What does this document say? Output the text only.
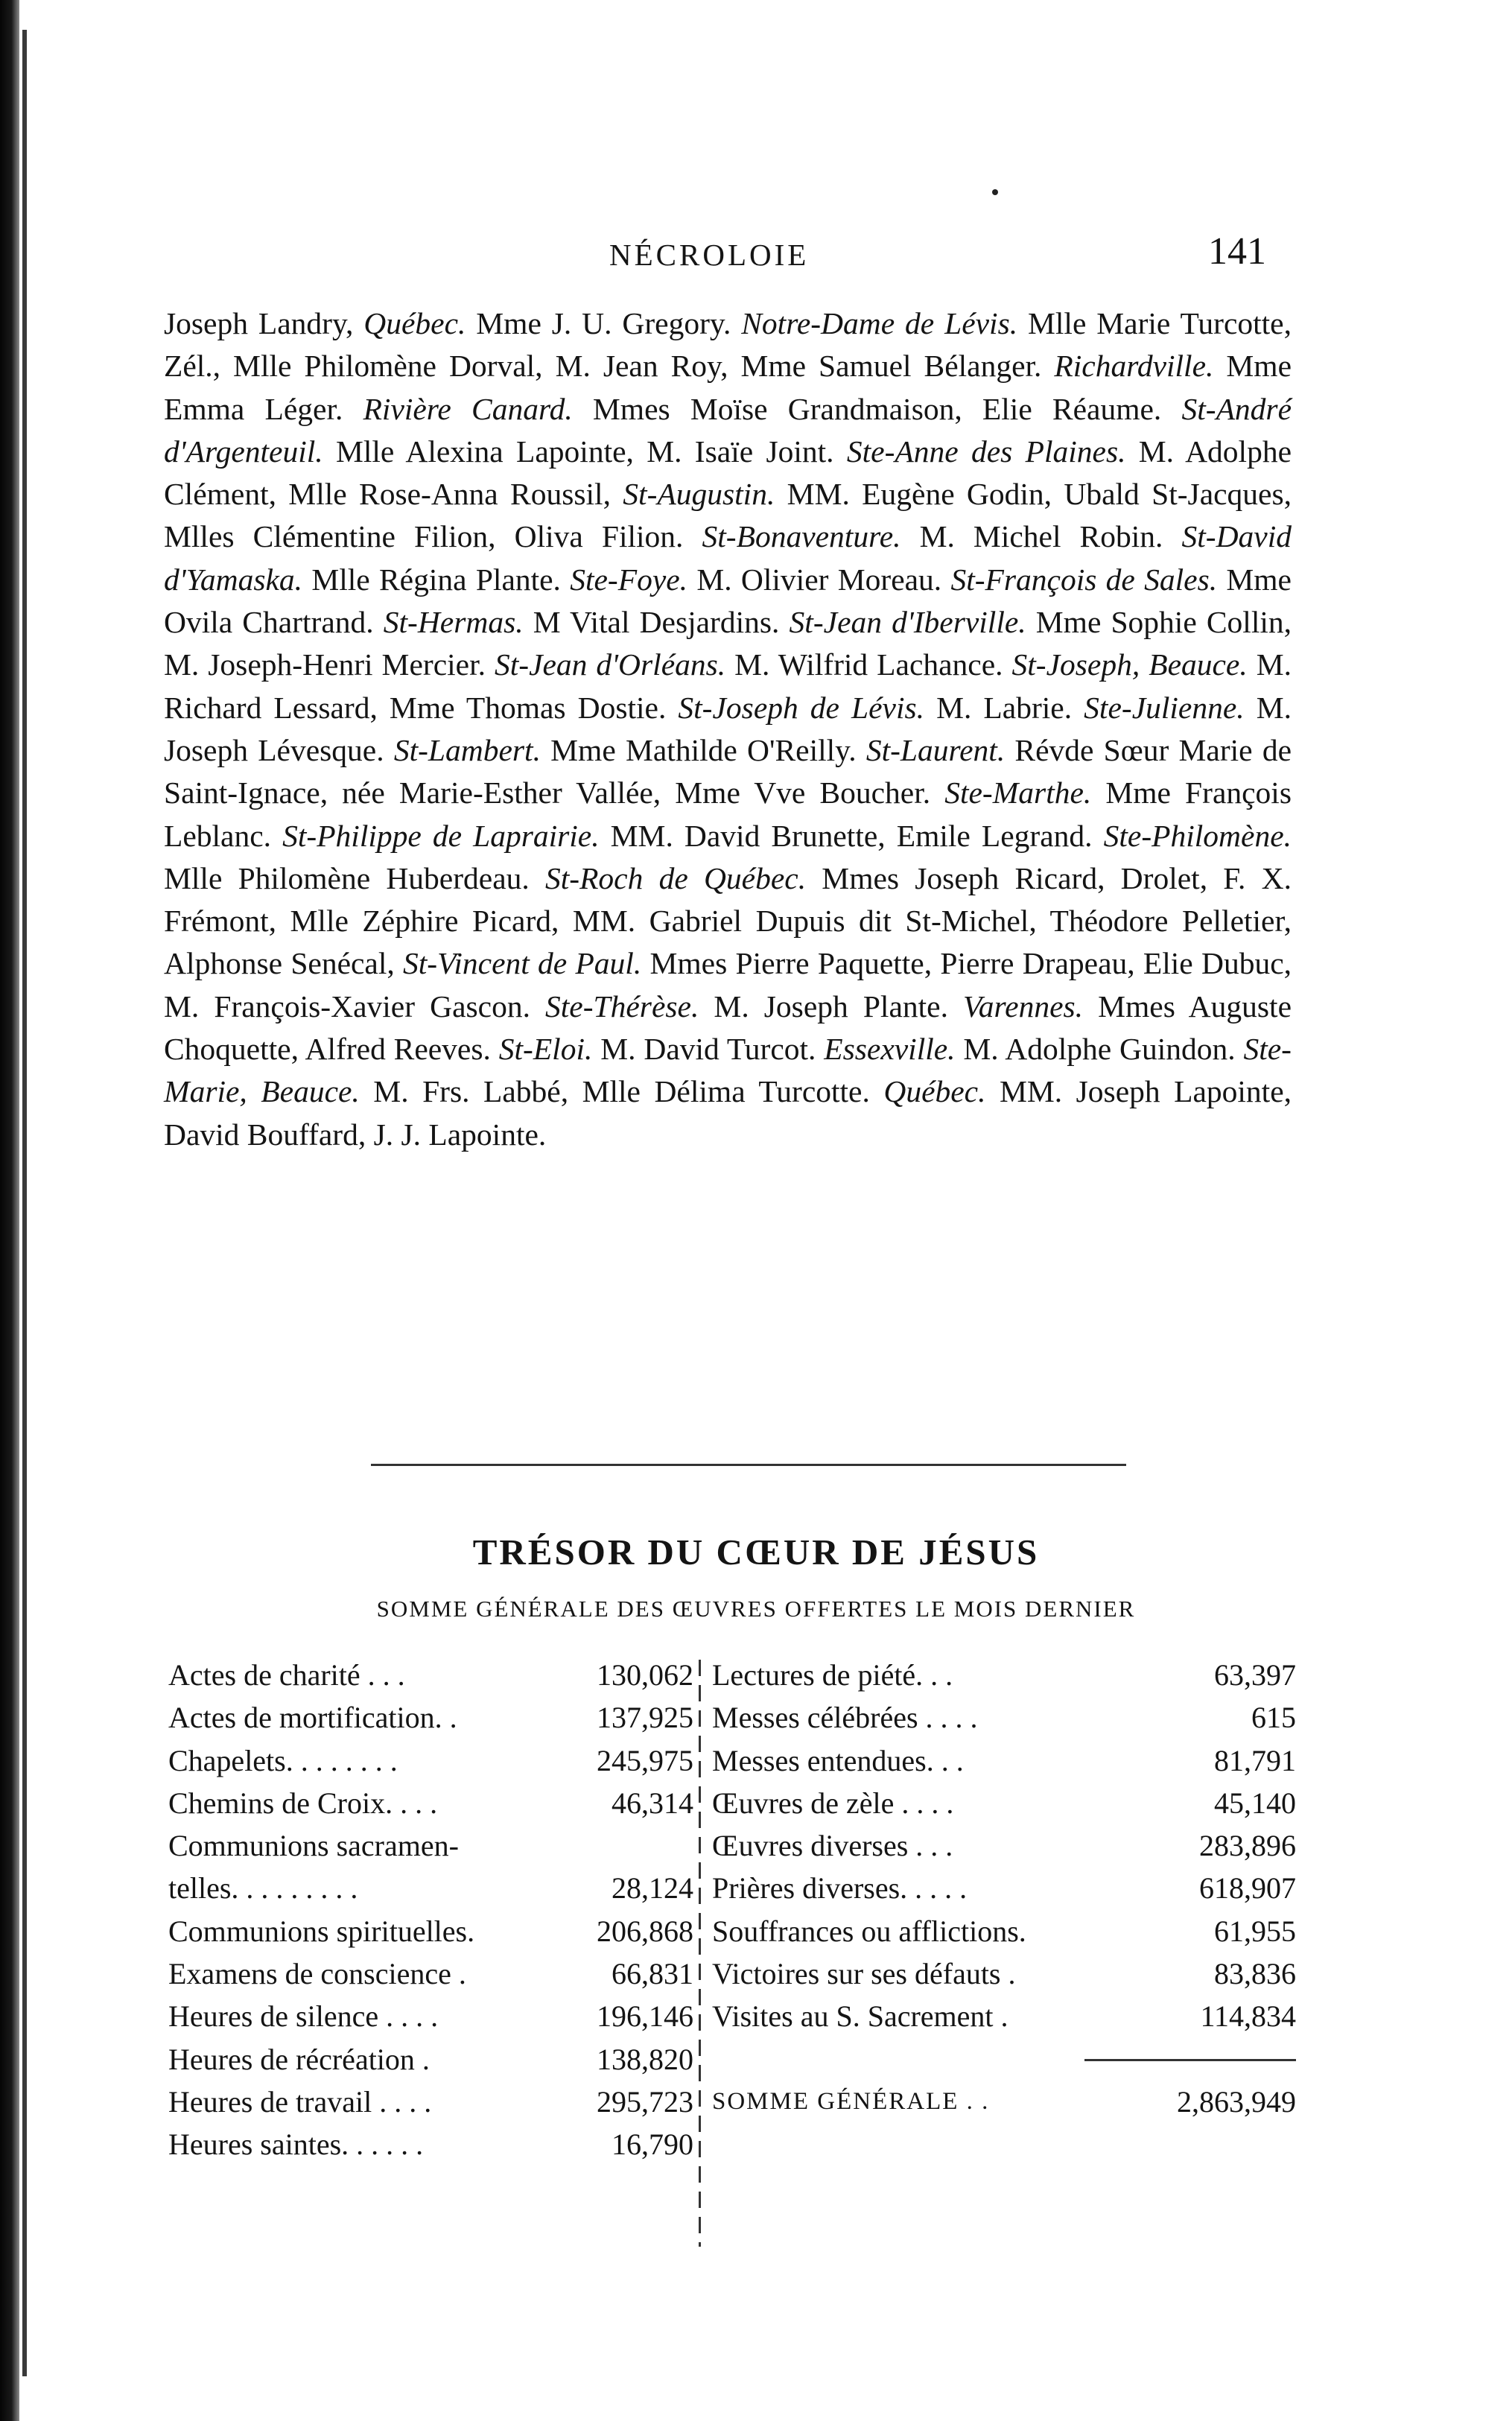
NÉCROLOIE	141
Joseph Landry, Québec. Mme J. U. Gregory. Notre-Dame de Lévis. Mlle Marie Turcotte, Zél., Mlle Philomène Dorval, M. Jean Roy, Mme Samuel Bélanger. Richardville. Mme Emma Léger. Rivière Canard. Mmes Moïse Grandmaison, Elie Réaume. St-André d'Argenteuil. Mlle Alexina Lapointe, M. Isaïe Joint. Ste-Anne des Plaines. M. Adolphe Clément, Mlle Rose-Anna Roussil, St-Augustin. MM. Eugène Godin, Ubald St-Jacques, Mlles Clémentine Filion, Oliva Filion. St-Bonaventure. M. Michel Robin. St-David d'Yamaska. Mlle Régina Plante. Ste-Foye. M. Olivier Moreau. St-François de Sales. Mme Ovila Chartrand. St-Hermas. M Vital Desjardins. St-Jean d'Iberville. Mme Sophie Collin, M. Joseph-Henri Mercier. St-Jean d'Orléans. M. Wilfrid Lachance. St-Joseph, Beauce. M. Richard Lessard, Mme Thomas Dostie. St-Joseph de Lévis. M. Labrie. Ste-Julienne. M. Joseph Lévesque. St-Lambert. Mme Mathilde O'Reilly. St-Laurent. Révde Sœur Marie de Saint-Ignace, née Marie-Esther Vallée, Mme Vve Boucher. Ste-Marthe. Mme François Leblanc. St-Philippe de Laprairie. MM. David Brunette, Emile Legrand. Ste-Philomène. Mlle Philomène Huberdeau. St-Roch de Québec. Mmes Joseph Ricard, Drolet, F. X. Frémont, Mlle Zéphire Picard, MM. Gabriel Dupuis dit St-Michel, Théodore Pelletier, Alphonse Senécal, St-Vincent de Paul. Mmes Pierre Paquette, Pierre Drapeau, Elie Dubuc, M. François-Xavier Gascon. Ste-Thérèse. M. Joseph Plante. Varennes. Mmes Auguste Choquette, Alfred Reeves. St-Eloi. M. David Turcot. Essexville. M. Adolphe Guindon. Ste-Marie, Beauce. M. Frs. Labbé, Mlle Délima Turcotte. Québec. MM. Joseph Lapointe, David Bouffard, J. J. Lapointe.
TRÉSOR DU CŒUR DE JÉSUS
SOMME GÉNÉRALE DES ŒUVRES OFFERTES LE MOIS DERNIER
Actes de charité . . .	130,062
Actes de mortification. .	137,925
Chapelets. . . . . . . .	245,975
Chemins de Croix. . . .	46,314
Communions sacramen-
telles. . . . . . . . .	28,124
Communions spirituelles.	206,868
Examens de conscience .	66,831
Heures de silence . . . .	196,146
Heures de récréation .	138,820
Heures de travail . . . .	295,723
Heures saintes. . . . . .	16,790
Lectures de piété. . .	63,397
Messes célébrées . . . .	615
Messes entendues. . .	81,791
Œuvres de zèle . . . .	45,140
Œuvres diverses . . .	283,896
Prières diverses. . . . .	618,907
Souffrances ou afflictions.	61,955
Victoires sur ses défauts .	83,836
Visites au S. Sacrement .	114,834
SOMME GÉNÉRALE . .	2,863,949
